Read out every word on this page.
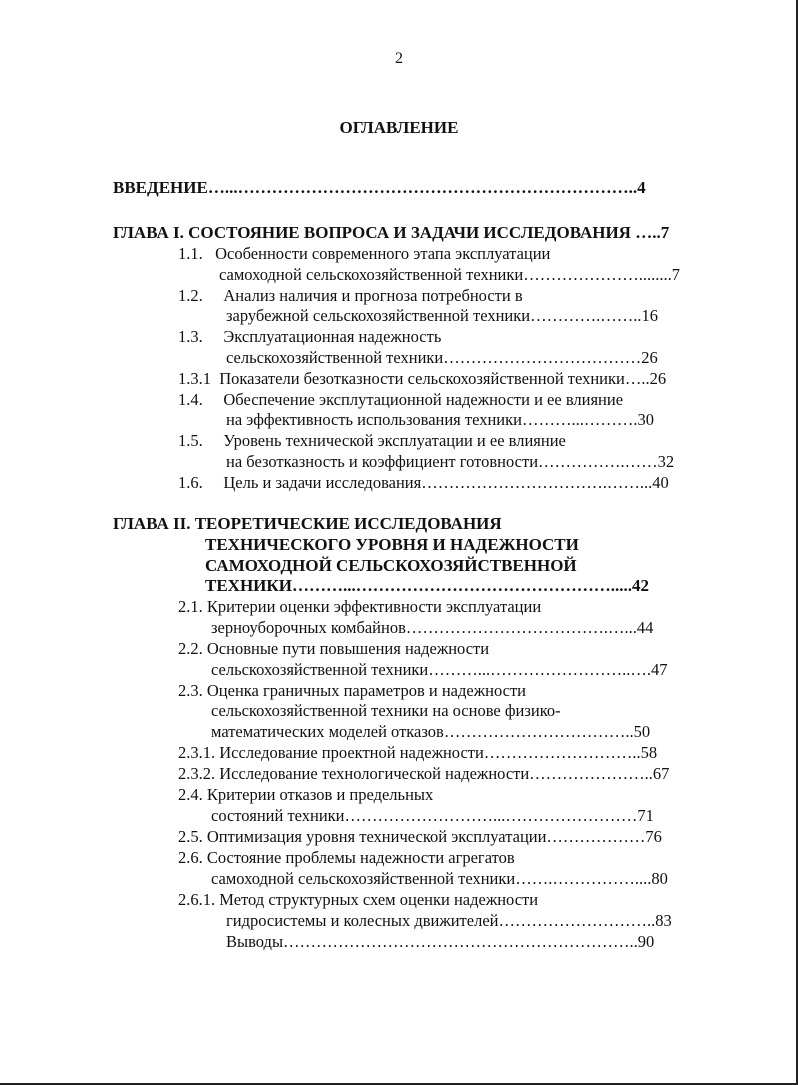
2
ОГЛАВЛЕНИЕ
ВВЕДЕНИЕ…...……………………………………………………………..4
ГЛАВА I. СОСТОЯНИЕ ВОПРОСА И ЗАДАЧИ ИССЛЕДОВАНИЯ …..7
1.1.   Особенности современного этапа эксплуатации
самоходной сельскохозяйственной техники…………………........7
1.2.     Анализ наличия и прогноза потребности в
зарубежной сельскохозяйственной техники………….……..16
1.3.     Эксплуатационная надежность
сельскохозяйственной техники………………………………26
1.3.1  Показатели безотказности сельскохозяйственной техники…..26
1.4.     Обеспечение эксплутационной надежности и ее влияние
на эффективность использования техники………...……….30
1.5.     Уровень технической эксплуатации и ее влияние
на безотказность и коэффициент готовности…………….……32
1.6.     Цель и задачи исследования…………………………….……...40
ГЛАВА II. ТЕОРЕТИЧЕСКИЕ ИССЛЕДОВАНИЯ
ТЕХНИЧЕСКОГО УРОВНЯ И НАДЕЖНОСТИ
САМОХОДНОЙ СЕЛЬСКОХОЗЯЙСТВЕННОЙ
ТЕХНИКИ………...……………………………………….....42
2.1. Критерии оценки эффективности эксплуатации
зерноуборочных комбайнов……………………………….…...44
2.2. Основные пути повышения надежности
сельскохозяйственной техники………...……………………..….47
2.3. Оценка граничных параметров и надежности
сельскохозяйственной техники на основе физико-
математических моделей отказов……………………………..50
2.3.1. Исследование проектной надежности………………………..58
2.3.2. Исследование технологической надежности…………………..67
2.4. Критерии отказов и предельных
состояний техники………………………...……………………71
2.5. Оптимизация уровня технической эксплуатации………………76
2.6. Состояние проблемы надежности агрегатов
самоходной сельскохозяйственной техники…….……………....80
2.6.1. Метод структурных схем оценки надежности
гидросистемы и колесных движителей………………………..83
Выводы………………………………………………………..90
